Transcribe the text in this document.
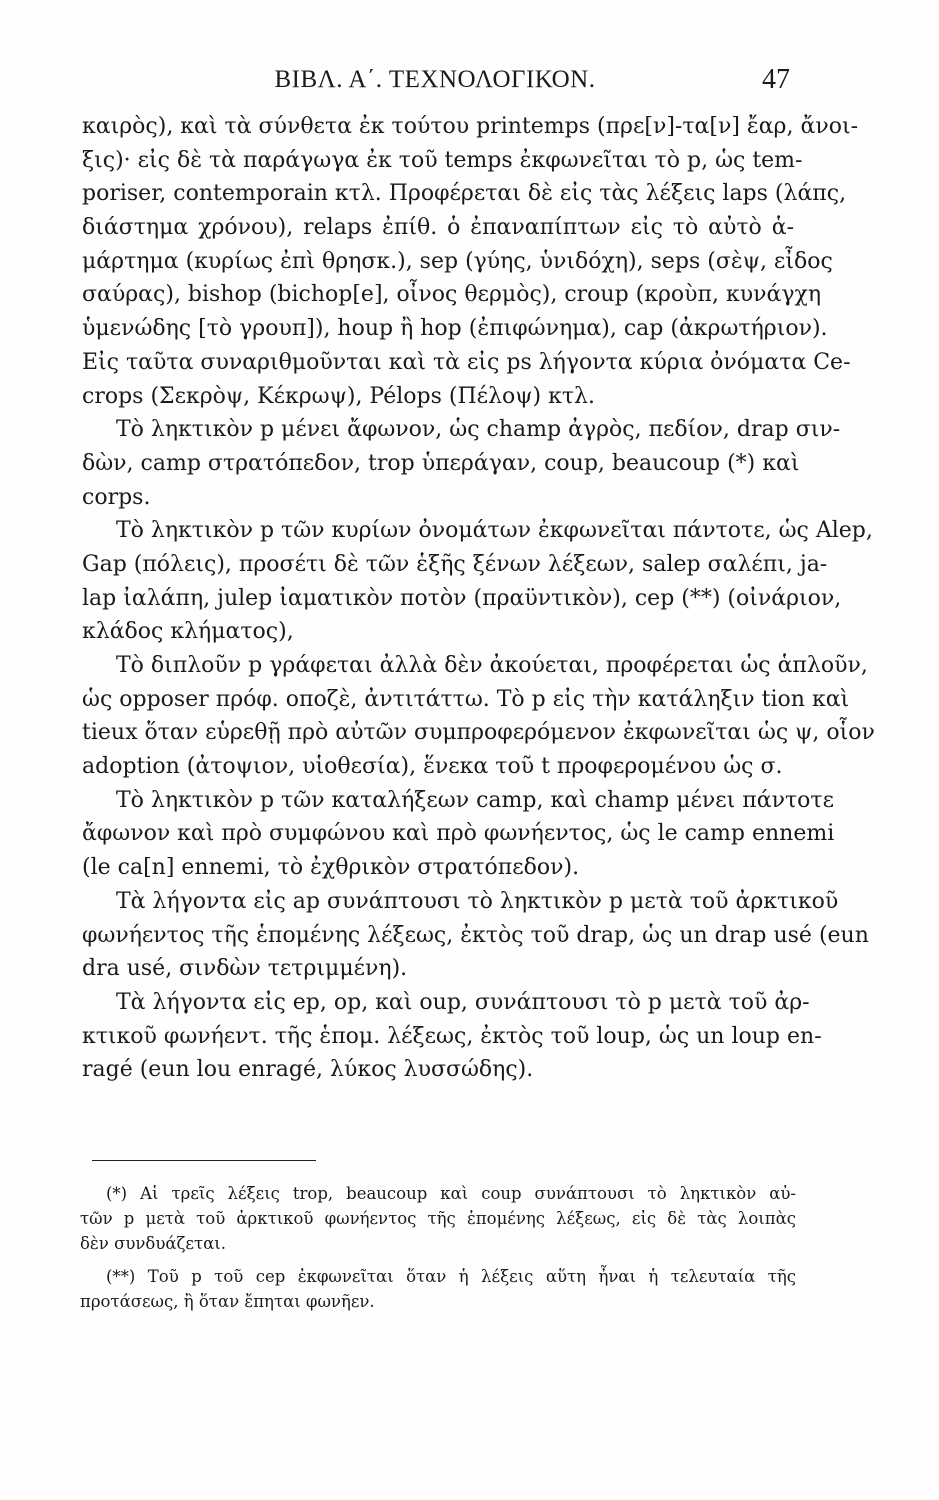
ΒΙΒΛ. Α΄. ΤΕΧΝΟΛΟΓΙΚΟΝ.	47
καιρὸς), καὶ τὰ σύνθετα ἐκ τούτου printemps (πρε[ν]-τα[ν] ἔαρ, ἄνοι-
ξις)· εἰς δὲ τὰ παράγωγα ἐκ τοῦ temps ἐκφωνεῖται τὸ p, ὡς tem-
poriser, contemporain κτλ. Προφέρεται δὲ εἰς τὰς λέξεις laps (λάπς,
διάστημα χρόνου), relaps ἐπίθ. ὁ ἐπαναπίπτων εἰς τὸ αὐτὸ ἁ-
μάρτημα (κυρίως ἐπὶ θρησκ.), sep (γύης, ὑνιδόχη), seps (σὲψ, εἶδος
σαύρας), bishop (bichop[e], οἶνος θερμὸς), croup (κροὺπ, κυνάγχη
ὑμενώδης [τὸ γρουπ]), houp ἢ hop (ἐπιφώνημα), cap (ἀκρωτήριον).
Εἰς ταῦτα συναριθμοῦνται καὶ τὰ εἰς ps λήγοντα κύρια ὀνόματα Ce-
crops (Σεκρὸψ, Κέκρωψ), Pélops (Πέλοψ) κτλ.
Τὸ ληκτικὸν p μένει ἄφωνον, ὡς champ ἀγρὸς, πεδίον, drap σιν-
δὼν, camp στρατόπεδον, trop ὑπεράγαν, coup, beaucoup (*) καὶ
corps.
Τὸ ληκτικὸν p τῶν κυρίων ὀνομάτων ἐκφωνεῖται πάντοτε, ὡς Alep,
Gap (πόλεις), προσέτι δὲ τῶν ἑξῆς ξένων λέξεων, salep σαλέπι, ja-
lap ἰαλάπη, julep ἰαματικὸν ποτὸν (πραϋντικὸν), cep (**) (οἰνάριον,
κλάδος κλήματος),
Τὸ διπλοῦν p γράφεται ἀλλὰ δὲν ἀκούεται, προφέρεται ὡς ἁπλοῦν,
ὡς opposer πρόφ. οποζὲ, ἀντιτάττω. Τὸ p εἰς τὴν κατάληξιν tion καὶ
tieux ὅταν εὑρεθῇ πρὸ αὐτῶν συμπροφερόμενον ἐκφωνεῖται ὡς ψ, οἷον
adoption (ἀτοψιον, υἱοθεσία), ἕνεκα τοῦ t προφερομένου ὡς σ.
Τὸ ληκτικὸν p τῶν καταλήξεων camp, καὶ champ μένει πάντοτε
ἄφωνον καὶ πρὸ συμφώνου καὶ πρὸ φωνήεντος, ὡς le camp ennemi
(le ca[n] ennemi, τὸ ἐχθρικὸν στρατόπεδον).
Τὰ λήγοντα εἰς ap συνάπτουσι τὸ ληκτικὸν p μετὰ τοῦ ἀρκτικοῦ
φωνήεντος τῆς ἑπομένης λέξεως, ἐκτὸς τοῦ drap, ὡς un drap usé (eun
dra usé, σινδὼν τετριμμένη).
Τὰ λήγοντα εἰς ep, op, καὶ oup, συνάπτουσι τὸ p μετὰ τοῦ ἀρ-
κτικοῦ φωνήεντ. τῆς ἑπομ. λέξεως, ἐκτὸς τοῦ loup, ὡς un loup en-
ragé (eun lou enragé, λύκος λυσσώδης).
(*) Αἱ τρεῖς λέξεις trop, beaucoup καὶ coup συνάπτουσι τὸ ληκτικὸν αὐ-
τῶν p μετὰ τοῦ ἀρκτικοῦ φωνήεντος τῆς ἑπομένης λέξεως, εἰς δὲ τὰς λοιπὰς
δὲν συνδυάζεται.
(**) Τοῦ p τοῦ cep ἐκφωνεῖται ὅταν ἡ λέξεις αὕτη ἦναι ἡ τελευταία τῆς
προτάσεως, ἢ ὅταν ἔπηται φωνῆεν.
